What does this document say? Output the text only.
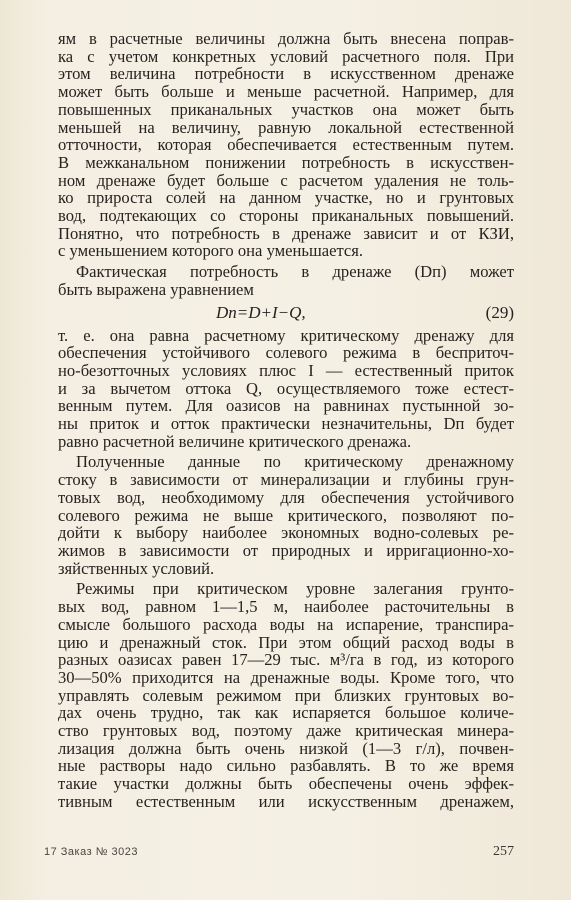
ям в расчетные величины должна быть внесена поправ-
ка с учетом конкретных условий расчетного поля. При
этом величина потребности в искусственном дренаже
может быть больше и меньше расчетной. Например, для
повышенных приканальных участков она может быть
меньшей на величину, равную локальной естественной
отточности, которая обеспечивается естественным путем.
В межканальном понижении потребность в искусствен-
ном дренаже будет больше с расчетом удаления не толь-
ко прироста солей на данном участке, но и грунтовых
вод, подтекающих со стороны приканальных повышений.
Понятно, что потребность в дренаже зависит и от КЗИ,
с уменьшением которого она уменьшается.

Фактическая потребность в дренаже (Dп) может
быть выражена уравнением

Dп=D+I−Q,	(29)

т. е. она равна расчетному критическому дренажу для
обеспечения устойчивого солевого режима в бесприточ-
но-безотточных условиях плюс I — естественный приток
и за вычетом оттока Q, осуществляемого тоже естест-
венным путем. Для оазисов на равнинах пустынной зо-
ны приток и отток практически незначительны, Dп будет
равно расчетной величине критического дренажа.

Полученные данные по критическому дренажному
стоку в зависимости от минерализации и глубины грун-
товых вод, необходимому для обеспечения устойчивого
солевого режима не выше критического, позволяют по-
дойти к выбору наиболее экономных водно-солевых ре-
жимов в зависимости от природных и ирригационно-хо-
зяйственных условий.

Режимы при критическом уровне залегания грунто-
вых вод, равном 1—1,5 м, наиболее расточительны в
смысле большого расхода воды на испарение, транспира-
цию и дренажный сток. При этом общий расход воды в
разных оазисах равен 17—29 тыс. м³/га в год, из которого
30—50% приходится на дренажные воды. Кроме того, что
управлять солевым режимом при близких грунтовых во-
дах очень трудно, так как испаряется большое количе-
ство грунтовых вод, поэтому даже критическая минера-
лизация должна быть очень низкой (1—3 г/л), почвен-
ные растворы надо сильно разбавлять. В то же время
такие участки должны быть обеспечены очень эффек-
тивным естественным или искусственным дренажем,

17 Заказ № 3023	257
